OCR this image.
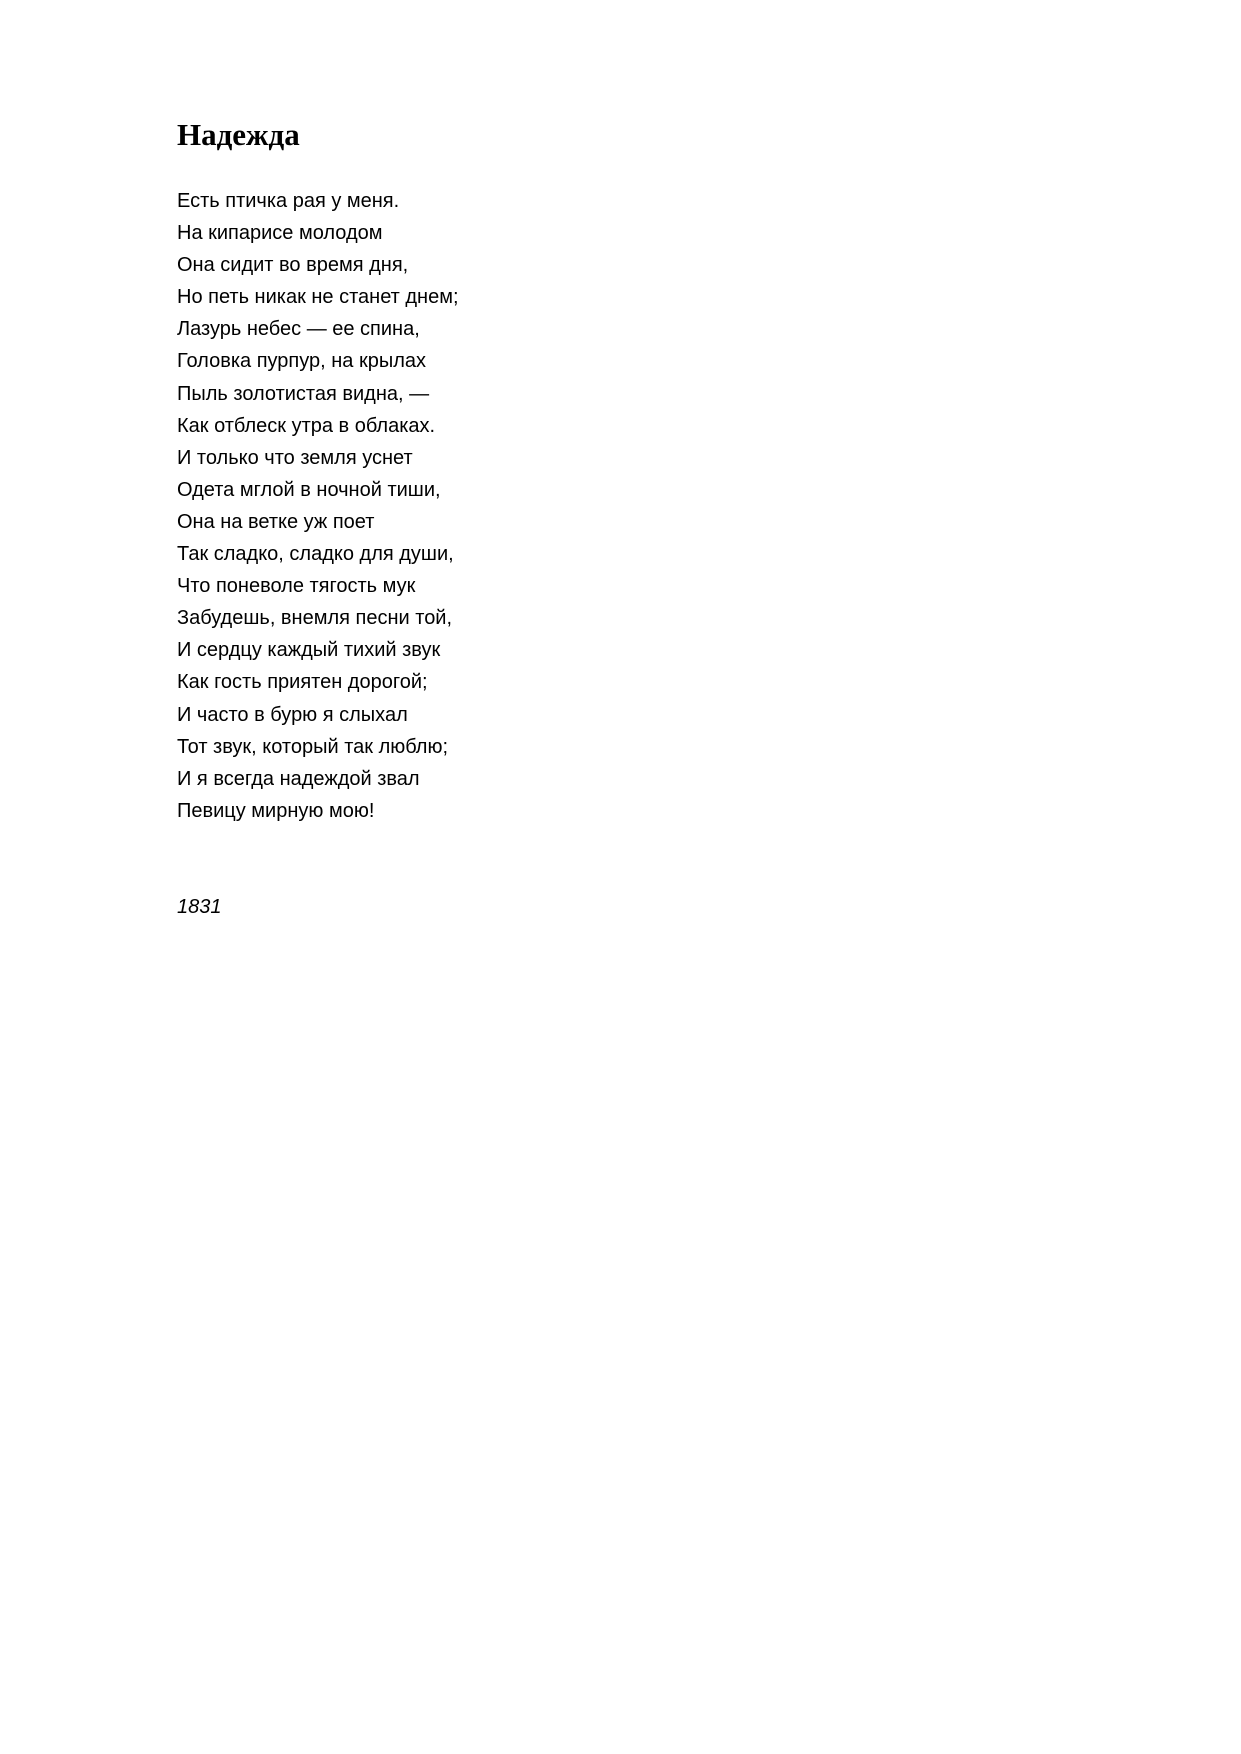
Надежда
Есть птичка рая у меня.
На кипарисе молодом
Она сидит во время дня,
Но петь никак не станет днем;
Лазурь небес — ее спина,
Головка пурпур, на крылах
Пыль золотистая видна, —
Как отблеск утра в облаках.
И только что земля уснет
Одета мглой в ночной тиши,
Она на ветке уж поет
Так сладко, сладко для души,
Что поневоле тягость мук
Забудешь, внемля песни той,
И сердцу каждый тихий звук
Как гость приятен дорогой;
И часто в бурю я слыхал
Тот звук, который так люблю;
И я всегда надеждой звал
Певицу мирную мою!

1831
